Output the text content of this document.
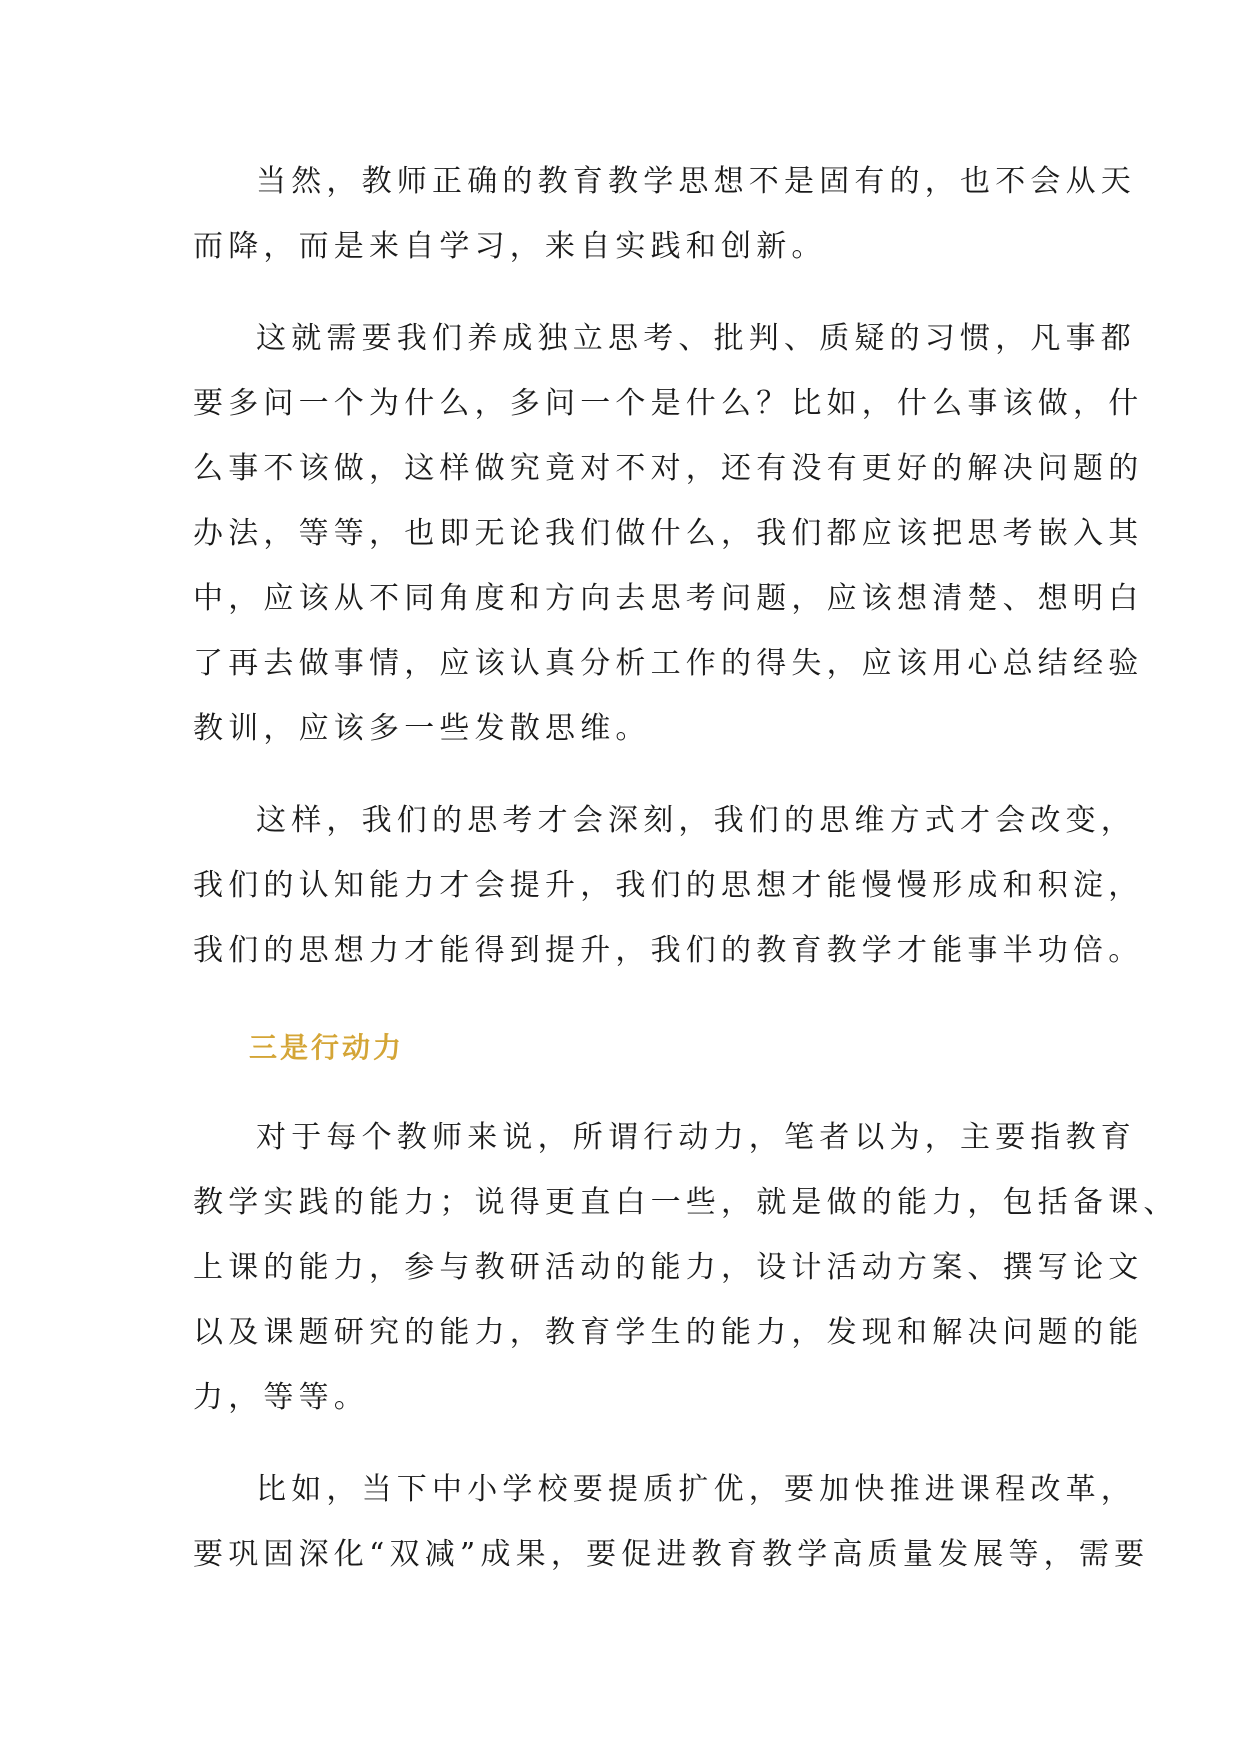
当然，教师正确的教育教学思想不是固有的，也不会从天
而降，而是来自学习，来自实践和创新。
这就需要我们养成独立思考、批判、质疑的习惯，凡事都
要多问一个为什么，多问一个是什么？比如，什么事该做，什
么事不该做，这样做究竟对不对，还有没有更好的解决问题的
办法，等等，也即无论我们做什么，我们都应该把思考嵌入其
中，应该从不同角度和方向去思考问题，应该想清楚、想明白
了再去做事情，应该认真分析工作的得失，应该用心总结经验
教训，应该多一些发散思维。
这样，我们的思考才会深刻，我们的思维方式才会改变，
我们的认知能力才会提升，我们的思想才能慢慢形成和积淀，
我们的思想力才能得到提升，我们的教育教学才能事半功倍。
三是行动力
对于每个教师来说，所谓行动力，笔者以为，主要指教育
教学实践的能力；说得更直白一些，就是做的能力，包括备课、
上课的能力，参与教研活动的能力，设计活动方案、撰写论文
以及课题研究的能力，教育学生的能力，发现和解决问题的能
力，等等。
比如，当下中小学校要提质扩优，要加快推进课程改革，
要巩固深化“双减”成果，要促进教育教学高质量发展等，需要
